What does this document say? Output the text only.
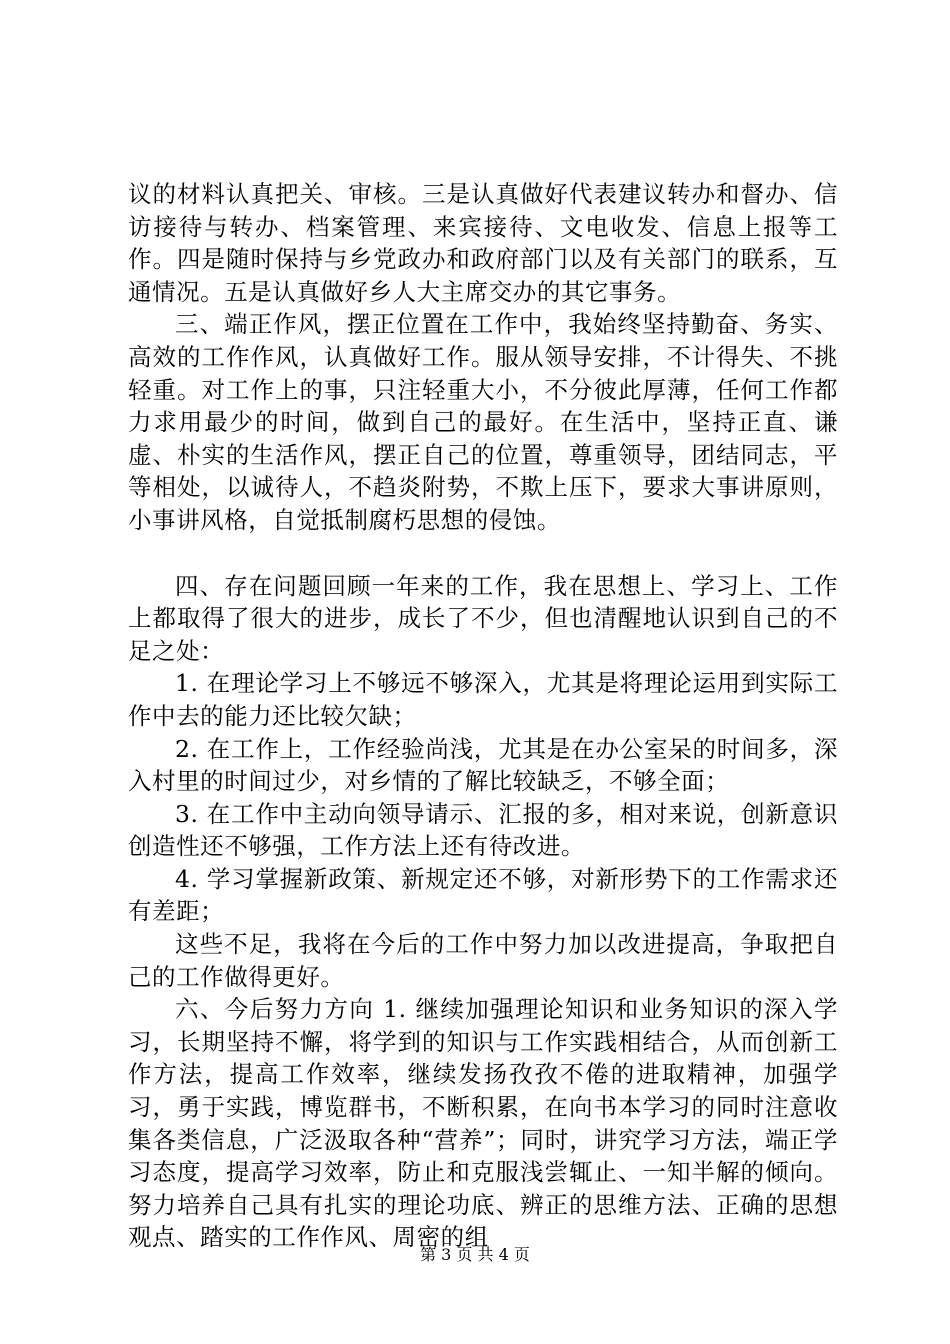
议的材料认真把关、审核。三是认真做好代表建议转办和督办、信访接待与转办、档案管理、来宾接待、文电收发、信息上报等工作。四是随时保持与乡党政办和政府部门以及有关部门的联系，互通情况。五是认真做好乡人大主席交办的其它事务。

三、端正作风，摆正位置在工作中，我始终坚持勤奋、务实、高效的工作作风，认真做好工作。服从领导安排，不计得失、不挑轻重。对工作上的事，只注轻重大小，不分彼此厚薄，任何工作都力求用最少的时间，做到自己的最好。在生活中，坚持正直、谦虚、朴实的生活作风，摆正自己的位置，尊重领导，团结同志，平等相处，以诚待人，不趋炎附势，不欺上压下，要求大事讲原则，小事讲风格，自觉抵制腐朽思想的侵蚀。

四、存在问题回顾一年来的工作，我在思想上、学习上、工作上都取得了很大的进步，成长了不少，但也清醒地认识到自己的不足之处：

1. 在理论学习上不够远不够深入，尤其是将理论运用到实际工作中去的能力还比较欠缺；

2. 在工作上，工作经验尚浅，尤其是在办公室呆的时间多，深入村里的时间过少，对乡情的了解比较缺乏，不够全面；

3. 在工作中主动向领导请示、汇报的多，相对来说，创新意识创造性还不够强，工作方法上还有待改进。

4. 学习掌握新政策、新规定还不够，对新形势下的工作需求还有差距；

这些不足，我将在今后的工作中努力加以改进提高，争取把自己的工作做得更好。

六、今后努力方向 1. 继续加强理论知识和业务知识的深入学习，长期坚持不懈，将学到的知识与工作实践相结合，从而创新工作方法，提高工作效率，继续发扬孜孜不倦的进取精神，加强学习，勇于实践，博览群书，不断积累，在向书本学习的同时注意收集各类信息，广泛汲取各种“营养”；同时，讲究学习方法，端正学习态度，提高学习效率，防止和克服浅尝辄止、一知半解的倾向。努力培养自己具有扎实的理论功底、辨正的思维方法、正确的思想观点、踏实的工作作风、周密的组

第 3 页 共 4 页
